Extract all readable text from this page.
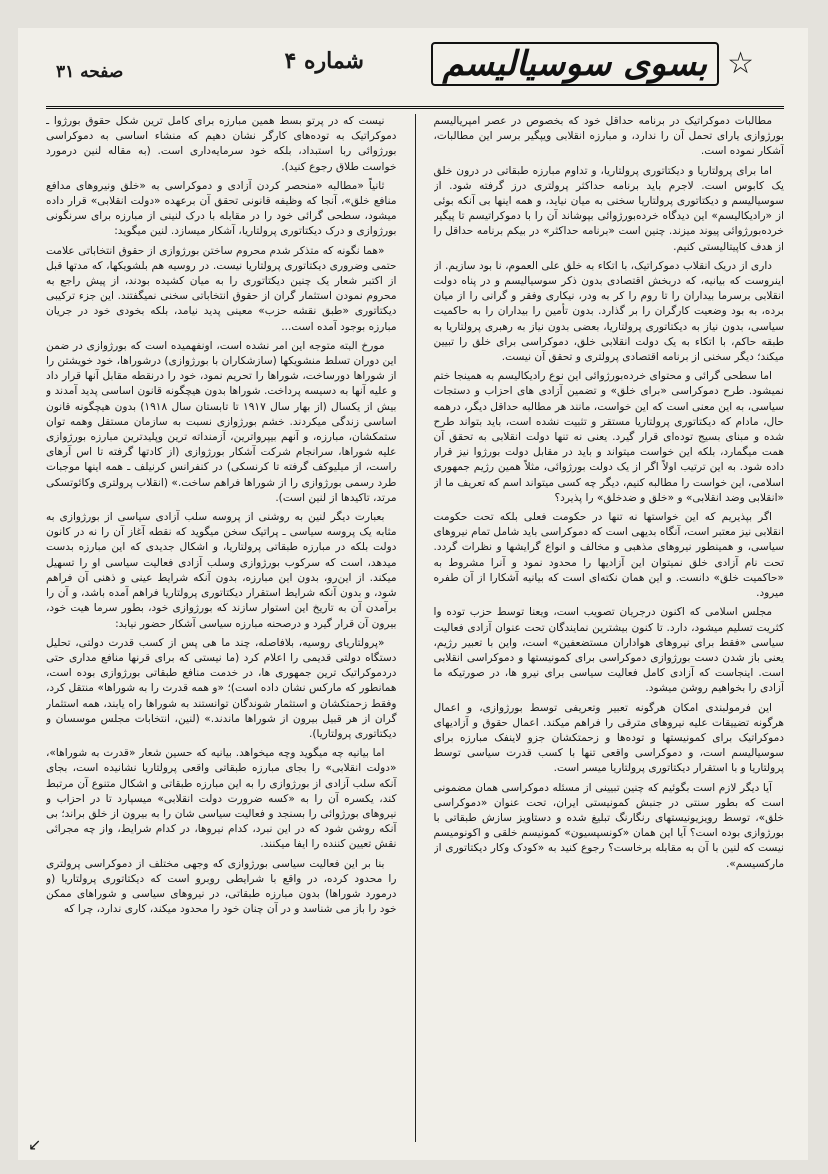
☆
بسوی سوسیالیسم
شماره ۴
صفحه ۳۱

مطالبات دموکراتیک در برنامه حداقل خود که بخصوص در عصر امپریالیسم بورژوازی یارای تحمل آن را ندارد، و مبارزه انقلابی ویپگیر برسر این مطالبات، آشکار نموده است.

اما برای پرولتاریا و دیکتاتوری پرولتاریا، و تداوم مبارزه طبقاتی در درون خلق یک کابوس است. لاجرم باید برنامه حداکثر پرولتری درز گرفته شود. از سوسیالیسم و دیکتاتوری پرولتاریا سخنی به میان نیاید، و همه اینها بی آنکه بوئی از «رادیکالیسم» این دیدگاه خرده‌بورژوائی بپوشاند آن را با دموکراتیسم تا پیگیر خرده‌بورژوائی پیوند میزند. چنین است «برنامه حداکثر» در بیکم برنامه حداقل را از هدف کاپیتالیستی کنیم.

داری از دریک انقلاب دموکراتیک، با اتکاء به خلق علی العموم، نا بود سازیم. از اینروست که بیانیه، که دربخش اقتصادی بدون ذکر سوسیالیسم و در پناه دولت انقلابی برسرما بیداران را تا روم را کر به ودر، نیکاری وفقر و گرانی را از میان برده، به بود وضعیت کارگران را بر گذارد. بدون تأمین را بیداران را به حاکمیت سیاسی، بدون نیاز به دیکتاتوری پرولتاریا، بعضی بدون نیاز به رهبری پرولتاریا به طبقه حاکم، با اتکاء به یک دولت انقلابی خلق، دموکراسی برای خلق را تبیین میکند؛ دیگر سخنی از برنامه اقتصادی پرولتری و تحقق آن نیست.

اما سطحی گرائی و محتوای خرده‌بورژوائی این نوع رادیکالیسم به همینجا ختم نمیشود. طرح دموکراسی «برای خلق» و تضمین آزادی های احزاب و دستجات سیاسی، به این معنی است که این خواست، مانند هر مطالبه حداقل دیگر، درهمه حال، مادام که دیکتاتوری پرولتاریا مستقر و تثبیت نشده است، باید بتواند طرح شده و مبنای بسیج توده‌ای قرار گیرد. یعنی نه تنها دولت انقلابی به تحقق آن همت میگمارد، بلکه این خواست میتواند و باید در مقابل دولت بورژوا نیز قرار داده شود. به این ترتیب اولاً اگر از یک دولت بورژوائی، مثلاً همین رژیم جمهوری اسلامی، این خواست را مطالبه کنیم، دیگر چه کسی میتواند اسم که تعریف ما از «انقلابی وضد انقلابی» و «خلق و ضدخلق» را پذیرد؟

اگر بپذیریم که این خواستها نه تنها در حکومت فعلی بلکه تحت حکومت انقلابی نیز معتبر است، آنگاه بدیهی است که دموکراسی باید شامل تمام نیروهای سیاسی، و همینطور نیروهای مذهبی و مخالف و انواع گرایشها و نظرات گردد. تحت نام آزادی خلق نمیتوان این آزادیها را محدود نمود و آنرا مشروط به «حاکمیت خلق» دانست. و این همان نکته‌ای است که بیانیه آشکارا از آن طفره میرود.

مجلس اسلامی که اکنون درجریان تصویب است، ویعنا توسط حزب توده وا کثریت تسلیم میشود، دارد. تا کنون بیشترین نمایندگان تحت عنوان آزادی فعالیت سیاسی «فقط برای نیروهای هواداران مستضعفین» است، واین با تعبیر رژیم، یعنی باز شدن دست بورژوازی دموکراسی برای کمونیستها و دموکراسی انقلابی است. اینجاست که آزادی کامل فعالیت سیاسی برای نیرو ها، در صورتیکه ما آزادی را بخواهیم روشن میشود.

این فرمولبندی امکان هرگونه تعبیر وتعریفی توسط بورژوازی، و اعمال هرگونه تضییقات علیه نیروهای مترقی را فراهم میکند. اعمال حقوق و آزادیهای دموکراتیک برای کمونیستها و توده‌ها و زحمتکشان جزو لاینفک مبارزه برای سوسیالیسم است، و دموکراسی واقعی تنها با کسب قدرت سیاسی توسط پرولتاریا و با استقرار دیکتاتوری پرولتاریا میسر است.

آیا دیگر لازم است بگوئیم که چنین تبیینی از مسئله دموکراسی همان مضمونی است که بطور سنتی در جنبش کمونیستی ایران، تحت عنوان «دموکراسی خلق»، توسط رویزیونیستهای رنگارنگ تبلیغ شده و دستاویز سازش طبقاتی با بورژوازی بوده است؟ آیا این همان «کونسپسیون» کمونیسم خلقی و اکونومیسم نیست که لنین با آن به مقابله برخاست؟ رجوع کنید به «کودک وکار دیکتاتوری از مارکسیسم».

نیست که در پرتو بسط همین مبارزه برای کامل ترین شکل حقوق بورژوا ـ دموکراتیک به توده‌های کارگر نشان دهیم که منشاء اساسی به دموکراسی بورژوائی ربا استبداد، بلکه خود سرمایه‌داری است. (به مقاله لنین درمورد خواست طلاق رجوع کنید).

ثانیاً «مطالبه «منحصر کردن آزادی و دموکراسی به «خلق ونیروهای مدافع منافع خلق»، آنجا که وظیفه قانونی تحقق آن برعهده «دولت انقلابی» قرار داده میشود، سطحی گرائی خود را در مقابله با درک لنینی از مبارزه برای سرنگونی بورژوازی و درک دیکتاتوری پرولتاریا، آشکار میسازد. لنین میگوید:

«هما نگونه که متذکر شدم محروم ساختن بورژوازی از حقوق انتخاباتی علامت حتمی وضروری دیکتاتوری پرولتاریا نیست. در روسیه هم بلشویکها، که مدتها قبل از اکتبر شعار یک چنین دیکتاتوری را به میان کشیده بودند، از پیش راجع به محروم نمودن استثمار گران از حقوق انتخاباتی سخنی نمیگفتند. این جزء ترکیبی دیکتاتوری «طبق نقشه حزب» معینی پدید نیامد، بلکه بخودی خود در جریان مبارزه بوجود آمده است...

مورخ البته متوجه این امر نشده است، اونفهمیده است که بورژوازی در ضمن این دوران تسلط منشویکها (سازشکاران با بورژوازی) درشوراها، خود خویشتن را از شوراها دورساخت، شوراها را تحریم نمود، خود را درنقطه مقابل آنها قرار داد و علیه آنها به دسیسه پرداخت. شوراها بدون هیچگونه قانون اساسی پدید آمدند و بیش از یکسال (از بهار سال ۱۹۱۷ تا تابستان سال ۱۹۱۸) بدون هیچگونه قانون اساسی زندگی میکردند. خشم بورژوازی نسبت به سازمان مستقل وهمه توان ستمکشان، مبارزه، و آنهم بیپرواترین، آزمنداته ترین وپلیدترین مبارزه بورژوازی علیه شوراها، سرانجام شرکت آشکار بورژوازی (از کادتها گرفته تا اس آرهای راست، از میلیوکف گرفته تا کرنسکی) در کنفرانس کرنیلف ـ همه اینها موجبات طرد رسمی بورژوازی را از شوراها فراهم ساخت.» (انقلاب پرولتری وکائوتسکی مرتد، تاکیدها از لنین است).

بعبارت دیگر لنین به روشنی از پروسه سلب آزادی سیاسی از بورژوازی به مثابه یک پروسه سیاسی ـ پراتیک سخن میگوید که نقطه آغاز آن را نه در کانون دولت بلکه در مبارزه طبقاتی پرولتاریا، و اشکال جدیدی که این مبارزه بدست میدهد، است که سرکوب بورژوازی وسلب آزادی فعالیت سیاسی او را تسهیل میکند. از این‌رو، بدون این مبارزه، بدون آنکه شرایط عینی و ذهنی آن فراهم شود، و بدون آنکه شرایط استقرار دیکتاتوری پرولتاریا فراهم آمده باشد، و آن را برآمدن آن به تاریخ این استوار سازند که بورژوازی خود، بطور سرما هیت خود، بیرون آن قرار گیرد و درصحنه مبارزه سیاسی آشکار حضور نیابد:

«پرولتاریای روسیه، بلافاصله، چند ما هی پس از کسب قدرت دولتی، تحلیل دستگاه دولتی قدیمی را اعلام کرد (ما نیستی که برای قرنها منافع مداری حتی دردموکراتیک ترین جمهوری ها، در خدمت منافع طبقاتی بورژوازی بوده است، همانطور که مارکس نشان داده است)؛ «و همه قدرت را به شوراها» منتقل کرد، وفقط زحمتکشان و استثمار شوندگان توانستند به شوراها راه یابند، همه استثمار گران از هر قبیل بیرون از شوراها ماندند.» (لنین، انتخابات مجلس موسسان و دیکتاتوری پرولتاریا).

اما بیانیه چه میگوید وچه میخواهد. بیانیه که حسین شعار «قدرت به شوراها»، «دولت انقلابی» را بجای مبارزه طبقاتی واقعی پرولتاریا نشانیده است، بجای آنکه سلب آزادی از بورژوازی را به این مبارزه طبقاتی و اشکال متنوع آن مرتبط کند، یکسره آن را به «کسه ضرورت دولت انقلابی» میسپارد تا در احزاب و نیروهای بورژوائی را بسنجد و فعالیت سیاسی شان را به بیرون از خلق براند؛ بی آنکه روشن شود که در این نبرد، کدام نیروها، در کدام شرایط، واز چه مجرائی نقش تعیین کننده را ایفا میکنند.

بنا بر این فعالیت سیاسی بورژوازی که وجهی مختلف از دموکراسی پرولتری را محدود کرده، در واقع با شرایطی روبرو است که دیکتاتوری پرولتاریا (و درمورد شوراها) بدون مبارزه طبقاتی، در نیروهای سیاسی و شوراهای ممکن خود را باز می شناسد و در آن چنان خود را محدود میکند، کاری ندارد، چرا که

↙
